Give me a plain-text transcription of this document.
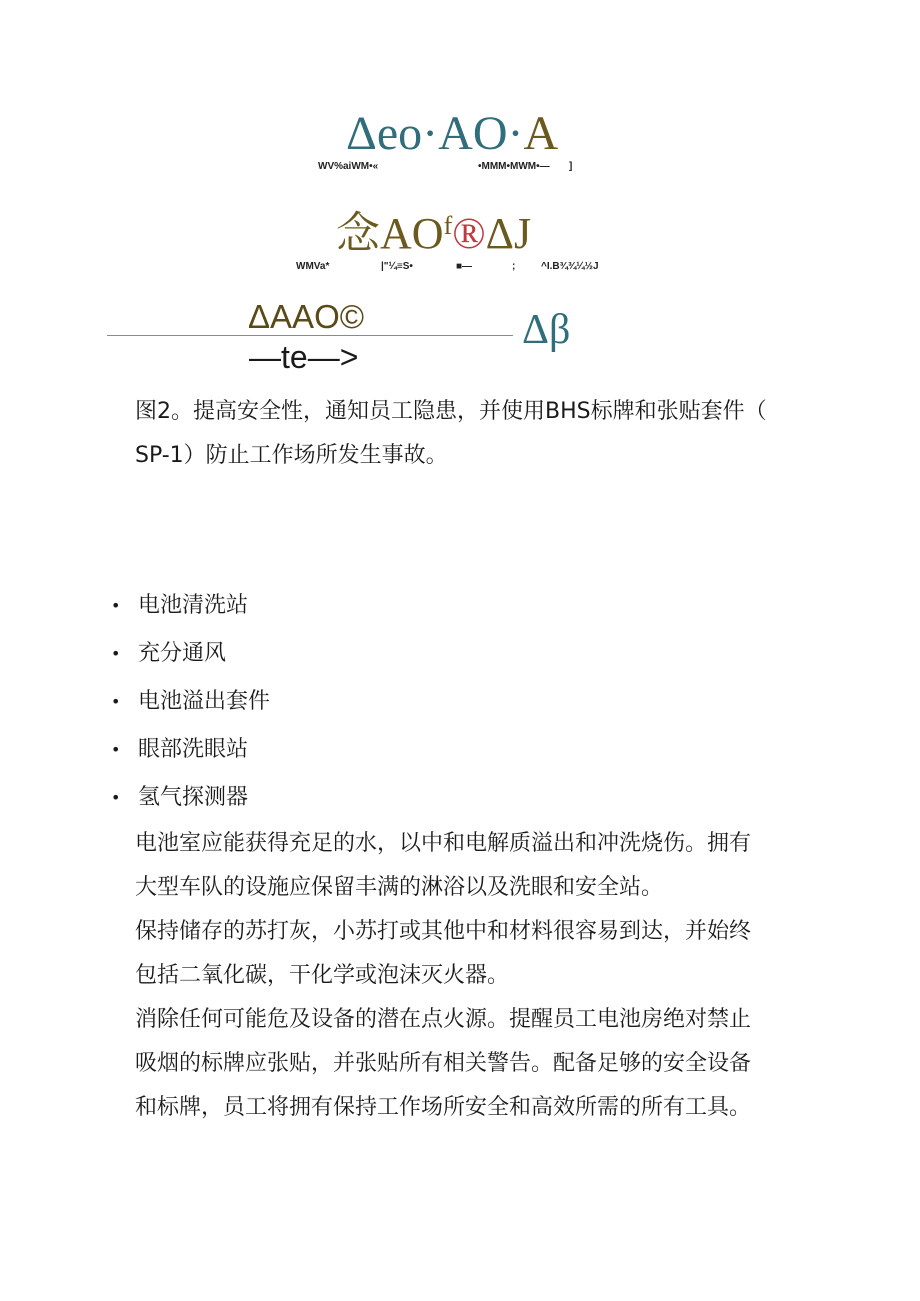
Δeo·AO·A
WV%aiWM•«	•MMM•MWM•— ]
念$AO^f®\Delta J$
WMVa*	|"¼≡S•	■—	;	^I.B¾¾¼½J
ΔAAO©	Δβ
—te—>
图2。提高安全性，通知员工隐患，并使用BHS标牌和张贴套件（
SP-1）防止工作场所发生事故。
• 电池清洗站
• 充分通风
• 电池溢出套件
• 眼部洗眼站
• 氢气探测器
电池室应能获得充足的水，以中和电解质溢出和冲洗烧伤。拥有
大型车队的设施应保留丰满的淋浴以及洗眼和安全站。
保持储存的苏打灰，小苏打或其他中和材料很容易到达，并始终
包括二氧化碳，干化学或泡沫灭火器。
消除任何可能危及设备的潜在点火源。提醒员工电池房绝对禁止
吸烟的标牌应张贴，并张贴所有相关警告。配备足够的安全设备
和标牌，员工将拥有保持工作场所安全和高效所需的所有工具。
